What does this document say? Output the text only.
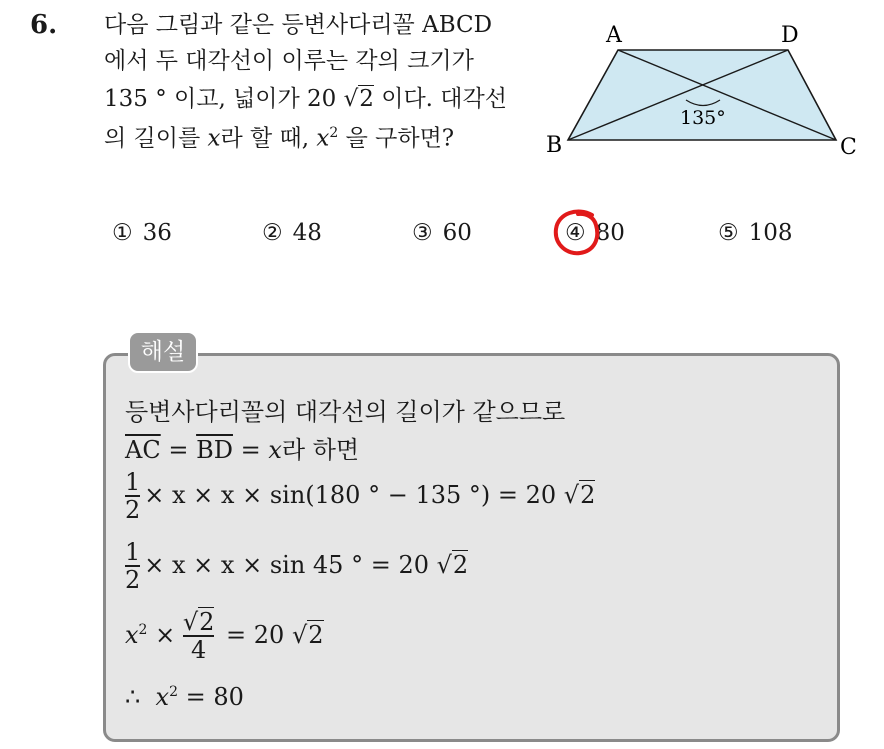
6. 다음 그림과 같은 등변사다리꼴 ABCD
에서 두 대각선이 이루는 각의 크기가
135 ° 이고, 넓이가 20 √2 이다. 대각선
의 길이를 x라 할 때, $x^2$ 을 구하면?
A	D
B	C
135°
① 36	② 48	③ 60	④ 80	⑤ 108
해설
등변사다리꼴의 대각선의 길이가 같으므로
$\overline{AC} = \overline{BD} = x$라 하면
$\frac{1}{2} \times x \times x \times \sin(180$ ° − 135 °) = 20 √2
$\frac{1}{2} \times x \times x \times \sin 45$ ° = 20 √2
$x^2 \times \frac{√2}{4} = 20$ √2
∴ $x^2 = 80$
